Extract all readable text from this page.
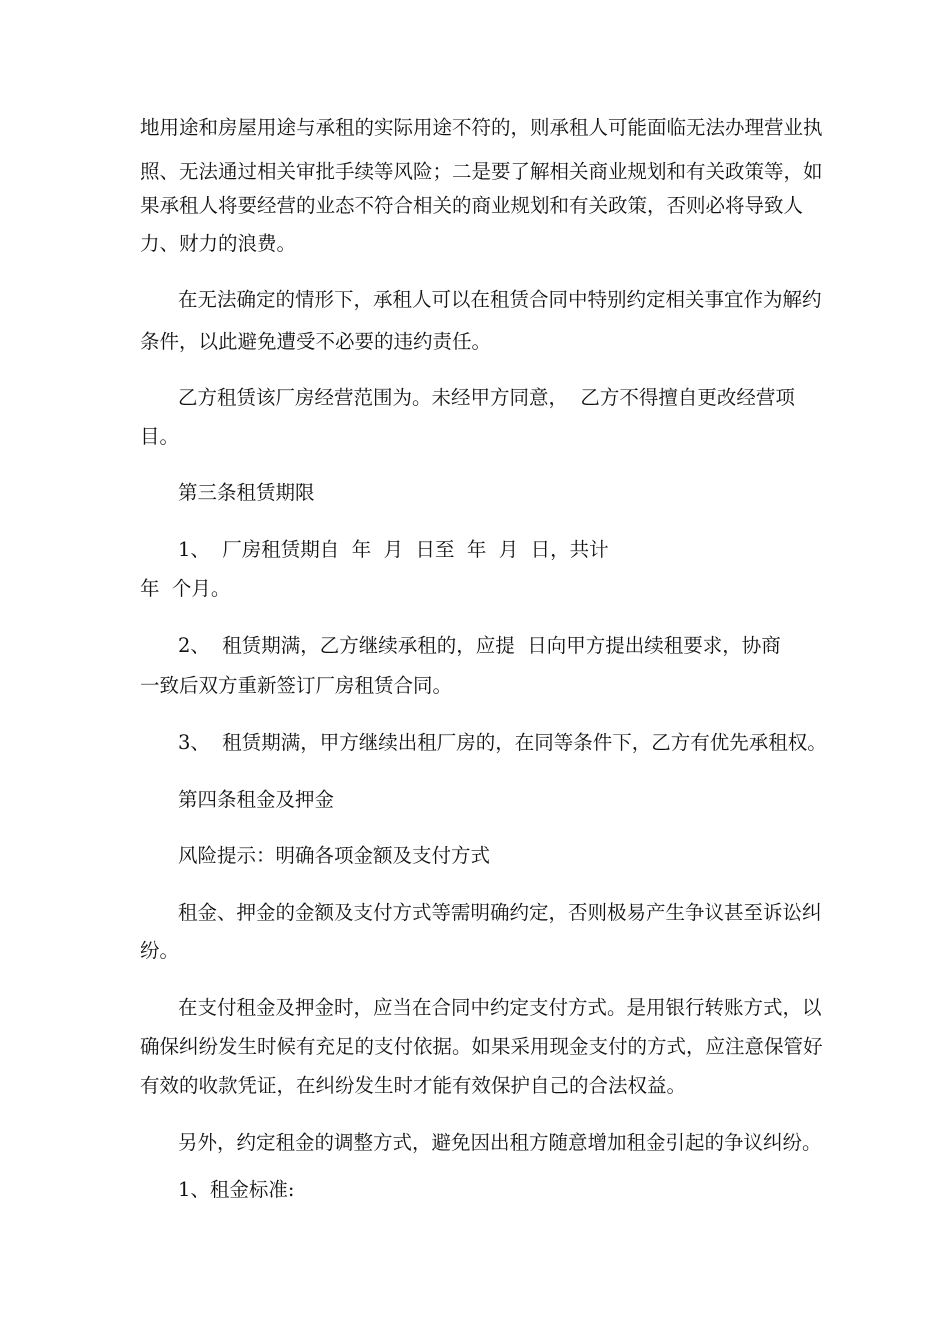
地用途和房屋用途与承租的实际用途不符的，则承租人可能面临无法办理营业执

照、无法通过相关审批手续等风险；二是要了解相关商业规划和有关政策等，如

果承租人将要经营的业态不符合相关的商业规划和有关政策，否则必将导致人

力、财力的浪费。

在无法确定的情形下，承租人可以在租赁合同中特别约定相关事宜作为解约

条件，以此避免遭受不必要的违约责任。

乙方租赁该厂房经营范围为。未经甲方同意，  乙方不得擅自更改经营项

目。

第三条租赁期限

1、  厂房租赁期自  年  月  日至  年  月  日，共计

年  个月。

2、  租赁期满，乙方继续承租的，应提  日向甲方提出续租要求，协商

一致后双方重新签订厂房租赁合同。

3、  租赁期满，甲方继续出租厂房的，在同等条件下，乙方有优先承租权。

第四条租金及押金

风险提示：明确各项金额及支付方式

租金、押金的金额及支付方式等需明确约定，否则极易产生争议甚至诉讼纠

纷。

在支付租金及押金时，应当在合同中约定支付方式。是用银行转账方式，以

确保纠纷发生时候有充足的支付依据。如果采用现金支付的方式，应注意保管好

有效的收款凭证，在纠纷发生时才能有效保护自己的合法权益。

另外，约定租金的调整方式，避免因出租方随意增加租金引起的争议纠纷。

1、租金标准:
